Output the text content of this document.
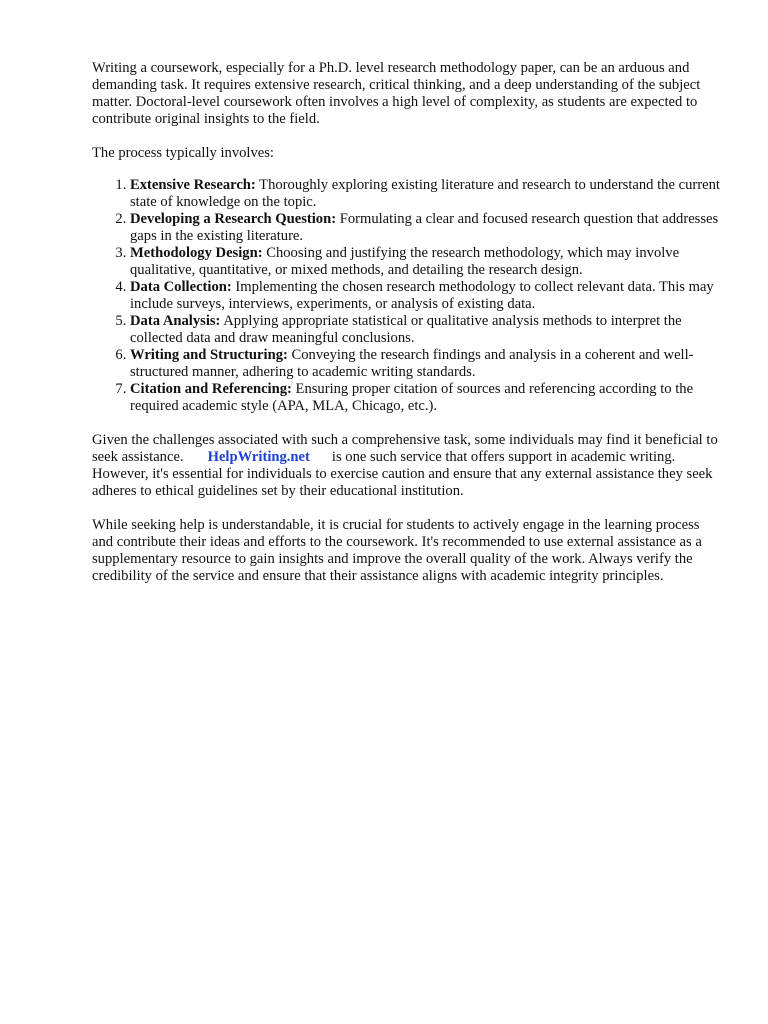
Writing a coursework, especially for a Ph.D. level research methodology paper, can be an arduous and demanding task. It requires extensive research, critical thinking, and a deep understanding of the subject matter. Doctoral-level coursework often involves a high level of complexity, as students are expected to contribute original insights to the field.

The process typically involves:

1. Extensive Research: Thoroughly exploring existing literature and research to understand the current state of knowledge on the topic.
2. Developing a Research Question: Formulating a clear and focused research question that addresses gaps in the existing literature.
3. Methodology Design: Choosing and justifying the research methodology, which may involve qualitative, quantitative, or mixed methods, and detailing the research design.
4. Data Collection: Implementing the chosen research methodology to collect relevant data. This may include surveys, interviews, experiments, or analysis of existing data.
5. Data Analysis: Applying appropriate statistical or qualitative analysis methods to interpret the collected data and draw meaningful conclusions.
6. Writing and Structuring: Conveying the research findings and analysis in a coherent and well-structured manner, adhering to academic writing standards.
7. Citation and Referencing: Ensuring proper citation of sources and referencing according to the required academic style (APA, MLA, Chicago, etc.).

Given the challenges associated with such a comprehensive task, some individuals may find it beneficial to seek assistance. HelpWriting.net is one such service that offers support in academic writing. However, it's essential for individuals to exercise caution and ensure that any external assistance they seek adheres to ethical guidelines set by their educational institution.

While seeking help is understandable, it is crucial for students to actively engage in the learning process and contribute their ideas and efforts to the coursework. It's recommended to use external assistance as a supplementary resource to gain insights and improve the overall quality of the work. Always verify the credibility of the service and ensure that their assistance aligns with academic integrity principles.
